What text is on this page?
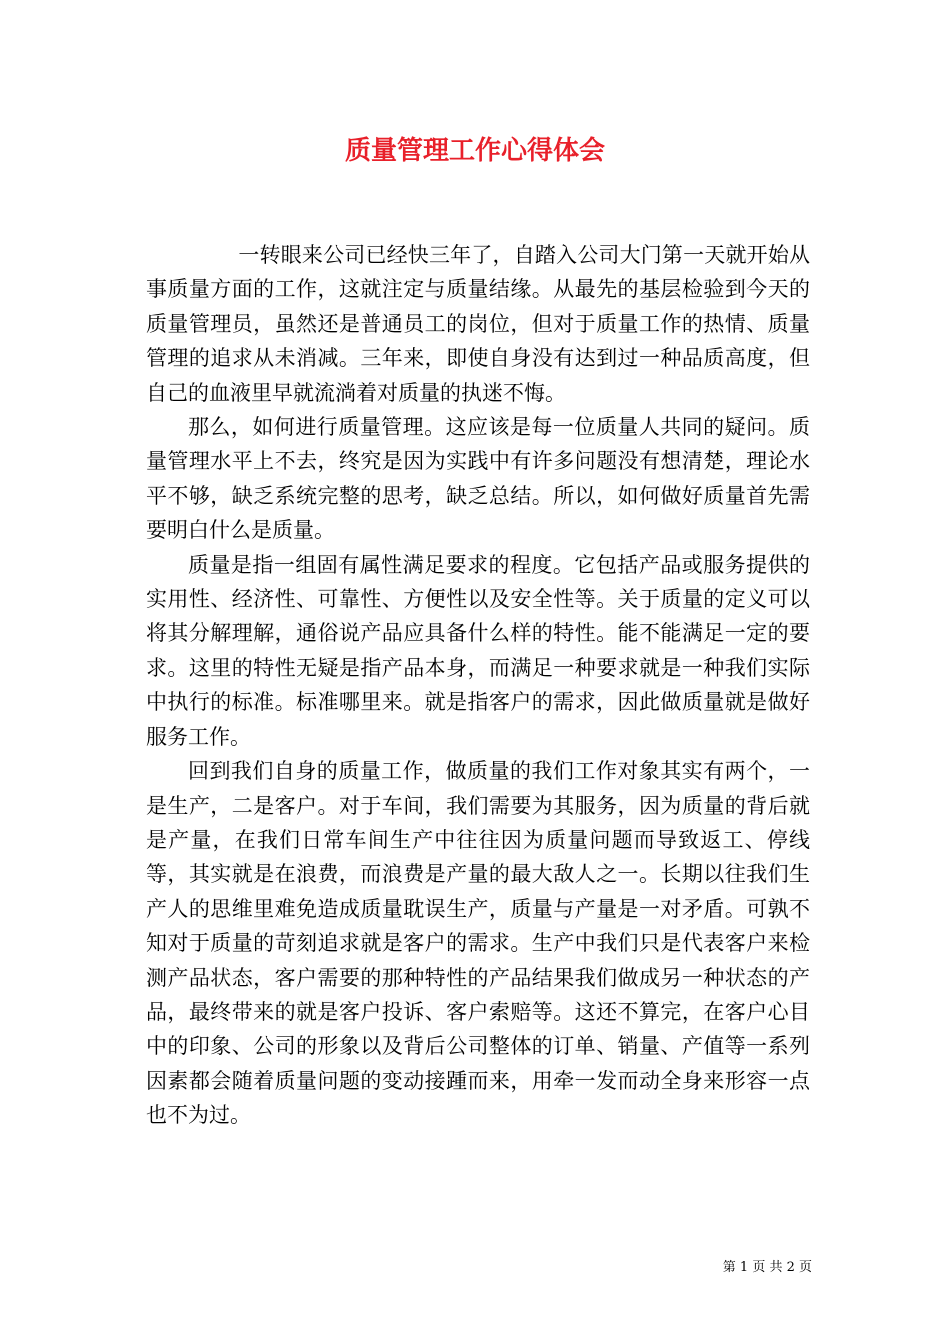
质量管理工作心得体会

一转眼来公司已经快三年了，自踏入公司大门第一天就开始从事质量方面的工作，这就注定与质量结缘。从最先的基层检验到今天的质量管理员，虽然还是普通员工的岗位，但对于质量工作的热情、质量管理的追求从未消减。三年来，即使自身没有达到过一种品质高度，但自己的血液里早就流淌着对质量的执迷不悔。

那么，如何进行质量管理。这应该是每一位质量人共同的疑问。质量管理水平上不去，终究是因为实践中有许多问题没有想清楚，理论水平不够，缺乏系统完整的思考，缺乏总结。所以，如何做好质量首先需要明白什么是质量。

质量是指一组固有属性满足要求的程度。它包括产品或服务提供的实用性、经济性、可靠性、方便性以及安全性等。关于质量的定义可以将其分解理解，通俗说产品应具备什么样的特性。能不能满足一定的要求。这里的特性无疑是指产品本身，而满足一种要求就是一种我们实际中执行的标准。标准哪里来。就是指客户的需求，因此做质量就是做好服务工作。

回到我们自身的质量工作，做质量的我们工作对象其实有两个，一是生产，二是客户。对于车间，我们需要为其服务，因为质量的背后就是产量，在我们日常车间生产中往往因为质量问题而导致返工、停线等，其实就是在浪费，而浪费是产量的最大敌人之一。长期以往我们生产人的思维里难免造成质量耽误生产，质量与产量是一对矛盾。可孰不知对于质量的苛刻追求就是客户的需求。生产中我们只是代表客户来检测产品状态，客户需要的那种特性的产品结果我们做成另一种状态的产品，最终带来的就是客户投诉、客户索赔等。这还不算完，在客户心目中的印象、公司的形象以及背后公司整体的订单、销量、产值等一系列因素都会随着质量问题的变动接踵而来，用牵一发而动全身来形容一点也不为过。

第 1 页 共 2 页
